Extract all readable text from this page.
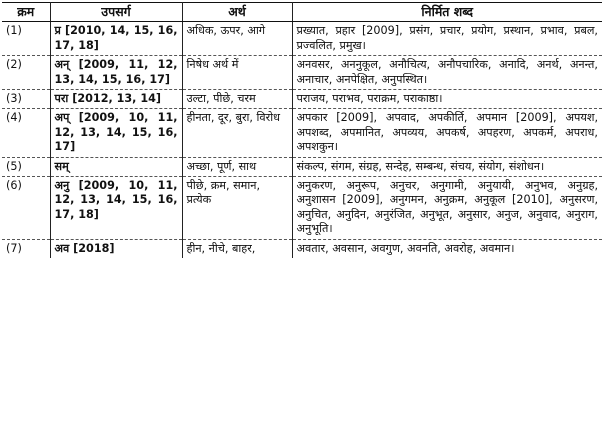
क्रम	उपसर्ग	अर्थ	निर्मित शब्द
(1)	प्र [2010, 14, 15, 16, 17, 18]	अधिक, ऊपर, आगे	प्रख्यात, प्रहार [2009], प्रसंग, प्रचार, प्रयोग, प्रस्थान, प्रभाव, प्रबल, प्रज्वलित, प्रमुख।
(2)	अन् [2009, 11, 12, 13, 14, 15, 16, 17]	निषेध अर्थ में	अनवसर, अननुकूल, अनौचित्य, अनौपचारिक, अनादि, अनर्थ, अनन्त, अनाचार, अनपेक्षित, अनुपस्थित।
(3)	परा [2012, 13, 14]	उल्टा, पीछे, चरम	पराजय, पराभव, पराक्रम, पराकाष्ठा।
(4)	अप् [2009, 10, 11, 12, 13, 14, 15, 16, 17]	हीनता, दूर, बुरा, विरोध	अपकार [2009], अपवाद, अपकीर्ति, अपमान [2009], अपयश, अपशब्द, अपमानित, अपव्यय, अपकर्ष, अपहरण, अपकर्म, अपराध, अपशकुन।
(5)	सम्	अच्छा, पूर्ण, साथ	संकल्प, संगम, संग्रह, सन्देह, सम्बन्ध, संचय, संयोग, संशोधन।
(6)	अनु [2009, 10, 11, 12, 13, 14, 15, 16, 17, 18]	पीछे, क्रम, समान, प्रत्येक	अनुकरण, अनुरूप, अनुचर, अनुगामी, अनुयायी, अनुभव, अनुग्रह, अनुशासन [2009], अनुगमन, अनुक्रम, अनुकूल [2010], अनुसरण, अनुचित, अनुदिन, अनुरंजित, अनुभूत, अनुसार, अनुज, अनुवाद, अनुराग, अनुभूति।
(7)	अव [2018]	हीन, नीचे, बाहर,	अवतार, अवसान, अवगुण, अवनति, अवरोह, अवमान।
